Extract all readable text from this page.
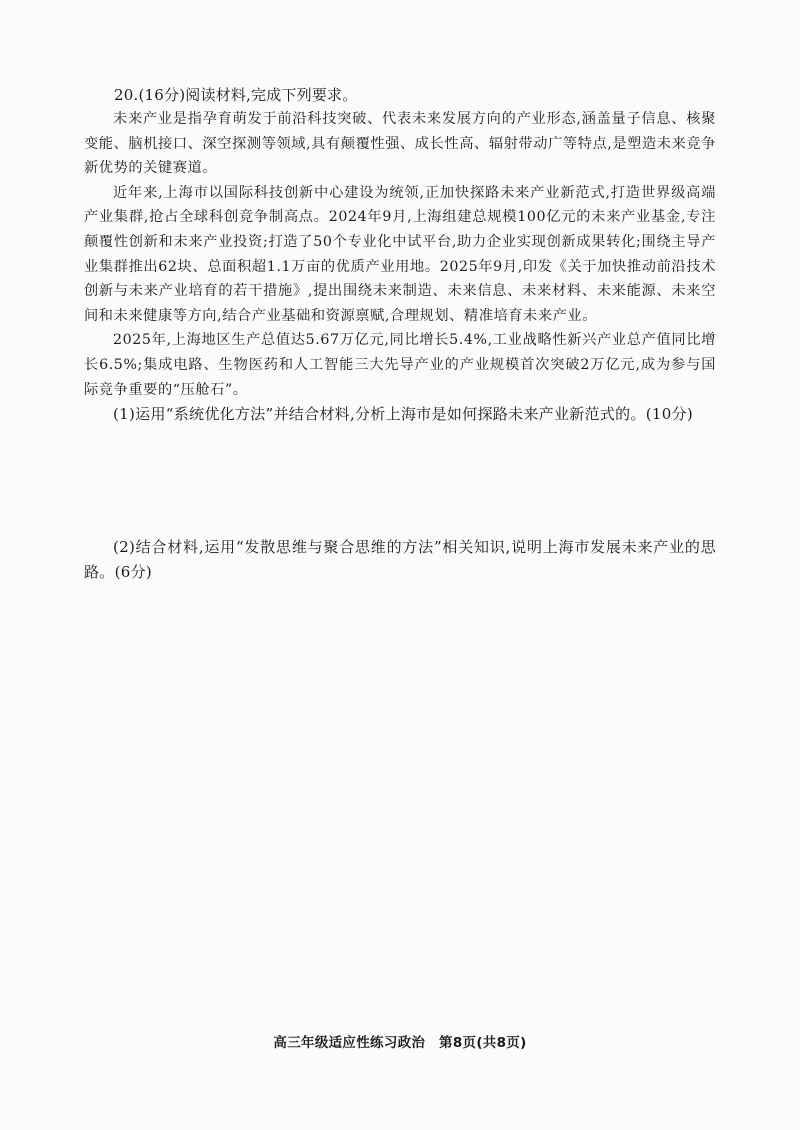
20.(16分)阅读材料,完成下列要求。

未来产业是指孕育萌发于前沿科技突破、代表未来发展方向的产业形态,涵盖量子信息、核聚变能、脑机接口、深空探测等领域,具有颠覆性强、成长性高、辐射带动广等特点,是塑造未来竞争新优势的关键赛道。

近年来,上海市以国际科技创新中心建设为统领,正加快探路未来产业新范式,打造世界级高端产业集群,抢占全球科创竞争制高点。2024年9月,上海组建总规模100亿元的未来产业基金,专注颠覆性创新和未来产业投资;打造了50个专业化中试平台,助力企业实现创新成果转化;围绕主导产业集群推出62块、总面积超1.1万亩的优质产业用地。2025年9月,印发《关于加快推动前沿技术创新与未来产业培育的若干措施》,提出围绕未来制造、未来信息、未来材料、未来能源、未来空间和未来健康等方向,结合产业基础和资源禀赋,合理规划、精准培育未来产业。

2025年,上海地区生产总值达5.67万亿元,同比增长5.4%,工业战略性新兴产业总产值同比增长6.5%;集成电路、生物医药和人工智能三大先导产业的产业规模首次突破2万亿元,成为参与国际竞争重要的“压舱石”。

(1)运用“系统优化方法”并结合材料,分析上海市是如何探路未来产业新范式的。(10分)

(2)结合材料,运用“发散思维与聚合思维的方法”相关知识,说明上海市发展未来产业的思路。(6分)

高三年级适应性练习政治　第8页(共8页)
